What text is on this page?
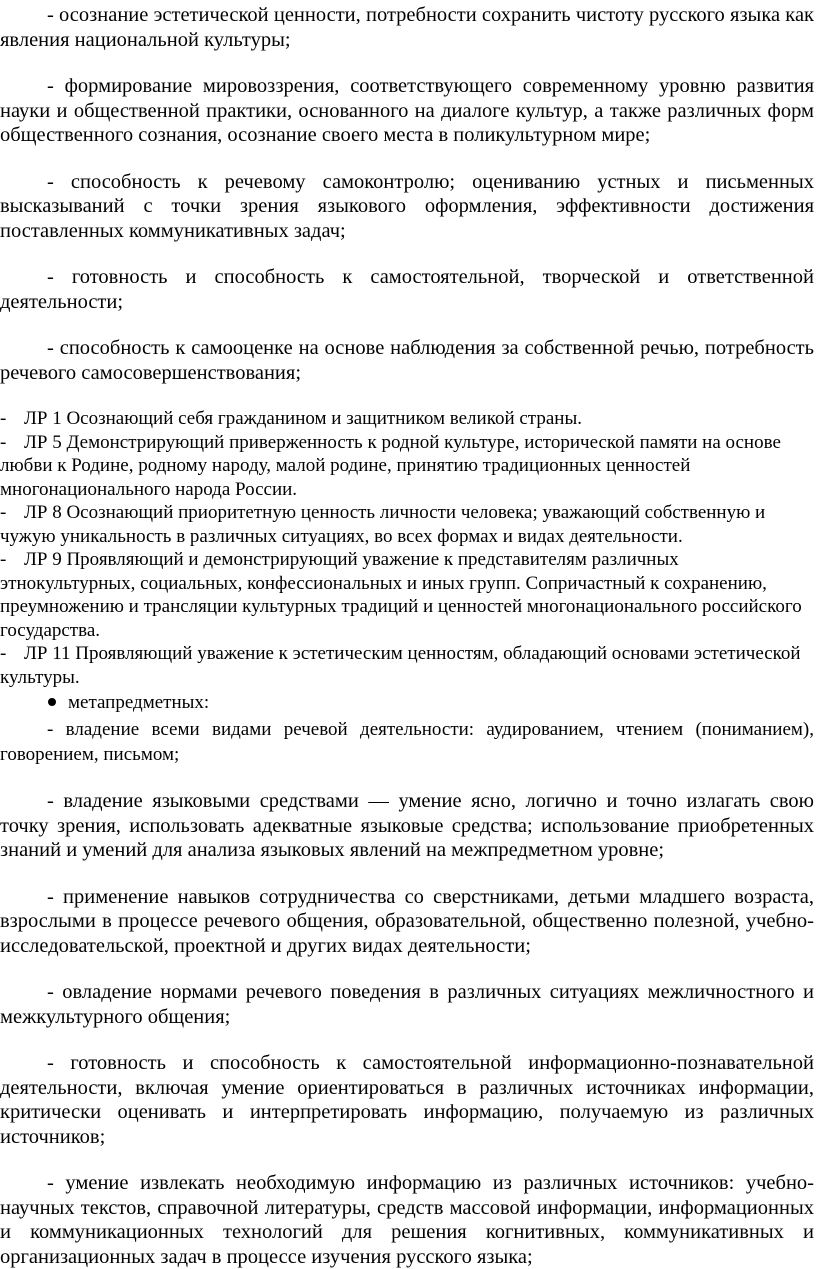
- осознание эстетической ценности, потребности сохранить чистоту русского языка как явления национальной культуры;

- формирование мировоззрения, соответствующего современному уровню развития науки и общественной практики, основанного на диалоге культур, а также различных форм общественного сознания, осознание своего места в поликультурном мире;

- способность к речевому самоконтролю; оцениванию устных и письменных высказываний с точки зрения языкового оформления, эффективности достижения поставленных коммуникативных задач;

- готовность и способность к самостоятельной, творческой и ответственной деятельности;

- способность к самооценке на основе наблюдения за собственной речью, потребность речевого самосовершенствования;

- ЛР 1 Осознающий себя гражданином и защитником великой страны.

- ЛР 5 Демонстрирующий приверженность к родной культуре, исторической памяти на основе любви к Родине, родному народу, малой родине, принятию традиционных ценностей многонационального народа России.

- ЛР 8 Осознающий приоритетную ценность личности человека; уважающий собственную и чужую уникальность в различных ситуациях, во всех формах и видах деятельности.

- ЛР 9 Проявляющий и демонстрирующий уважение к представителям различных этнокультурных, социальных, конфессиональных и иных групп. Сопричастный к сохранению, преумножению и трансляции культурных традиций и ценностей многонационального российского государства.

- ЛР 11 Проявляющий уважение к эстетическим ценностям, обладающий основами эстетической культуры.

метапредметных:

- владение всеми видами речевой деятельности: аудированием, чтением (пониманием), говорением, письмом;

- владение языковыми средствами — умение ясно, логично и точно излагать свою точку зрения, использовать адекватные языковые средства; использование приобретенных знаний и умений для анализа языковых явлений на межпредметном уровне;

- применение навыков сотрудничества со сверстниками, детьми младшего возраста, взрослыми в процессе речевого общения, образовательной, общественно полезной, учебно-исследовательской, проектной и других видах деятельности;

- овладение нормами речевого поведения в различных ситуациях межличностного и межкультурного общения;

- готовность и способность к самостоятельной информационно-познавательной деятельности, включая умение ориентироваться в различных источниках информации, критически оценивать и интерпретировать информацию, получаемую из различных источников;

- умение извлекать необходимую информацию из различных источников: учебно-научных текстов, справочной литературы, средств массовой информации, информационных и коммуникационных технологий для решения когнитивных, коммуникативных и организационных задач в процессе изучения русского языка;
